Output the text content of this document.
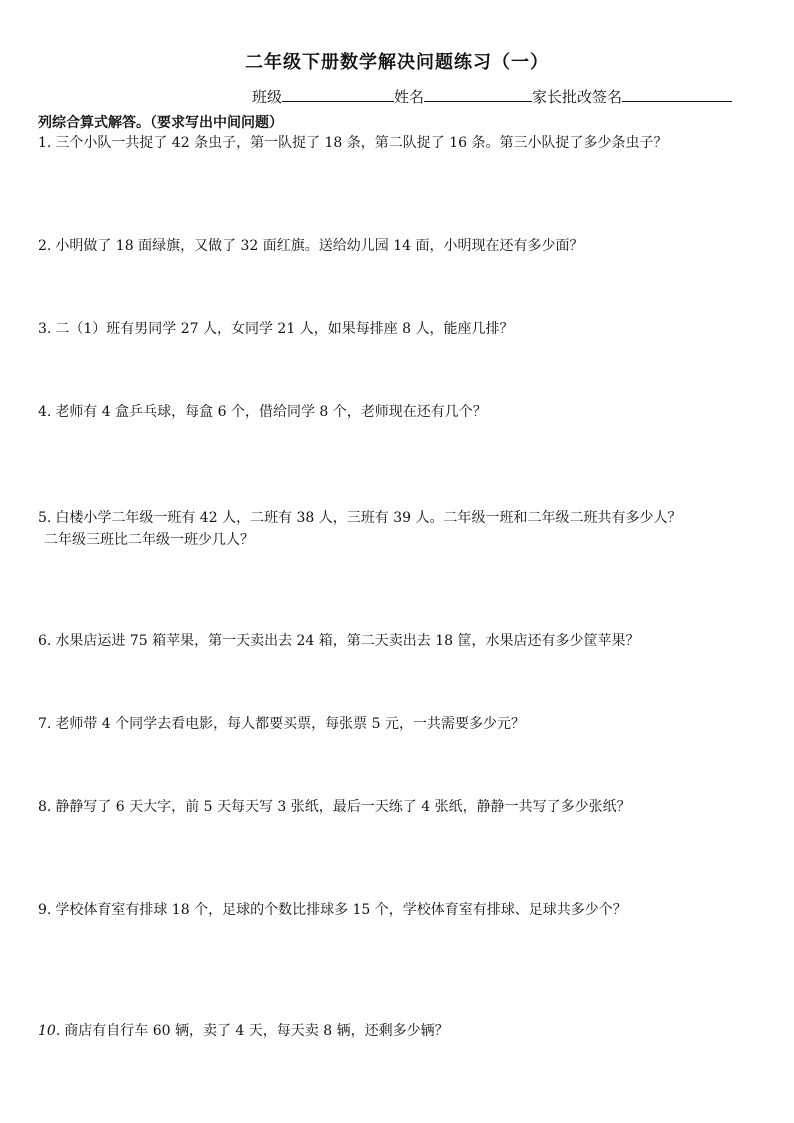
二年级下册数学解决问题练习（一）
班级	姓名	家长批改签名
列综合算式解答。（要求写出中间问题）
1. 三个小队一共捉了 42 条虫子，第一队捉了 18 条，第二队捉了 16 条。第三小队捉了多少条虫子？
2. 小明做了 18 面绿旗，又做了 32 面红旗。送给幼儿园 14 面，小明现在还有多少面？
3. 二（1）班有男同学 27 人，女同学 21 人，如果每排座 8 人，能座几排？
4. 老师有 4 盒乒乓球，每盒 6 个，借给同学 8 个，老师现在还有几个？
5. 白楼小学二年级一班有 42 人，二班有 38 人，三班有 39 人。二年级一班和二年级二班共有多少人？
二年级三班比二年级一班少几人？
6. 水果店运进 75 箱苹果，第一天卖出去 24 箱，第二天卖出去 18 筐，水果店还有多少筐苹果？
7. 老师带 4 个同学去看电影，每人都要买票，每张票 5 元，一共需要多少元？
8. 静静写了 6 天大字，前 5 天每天写 3 张纸，最后一天练了 4 张纸，静静一共写了多少张纸？
9. 学校体育室有排球 18 个，足球的个数比排球多 15 个，学校体育室有排球、足球共多少个？
10. 商店有自行车 60 辆，卖了 4 天，每天卖 8 辆，还剩多少辆？
